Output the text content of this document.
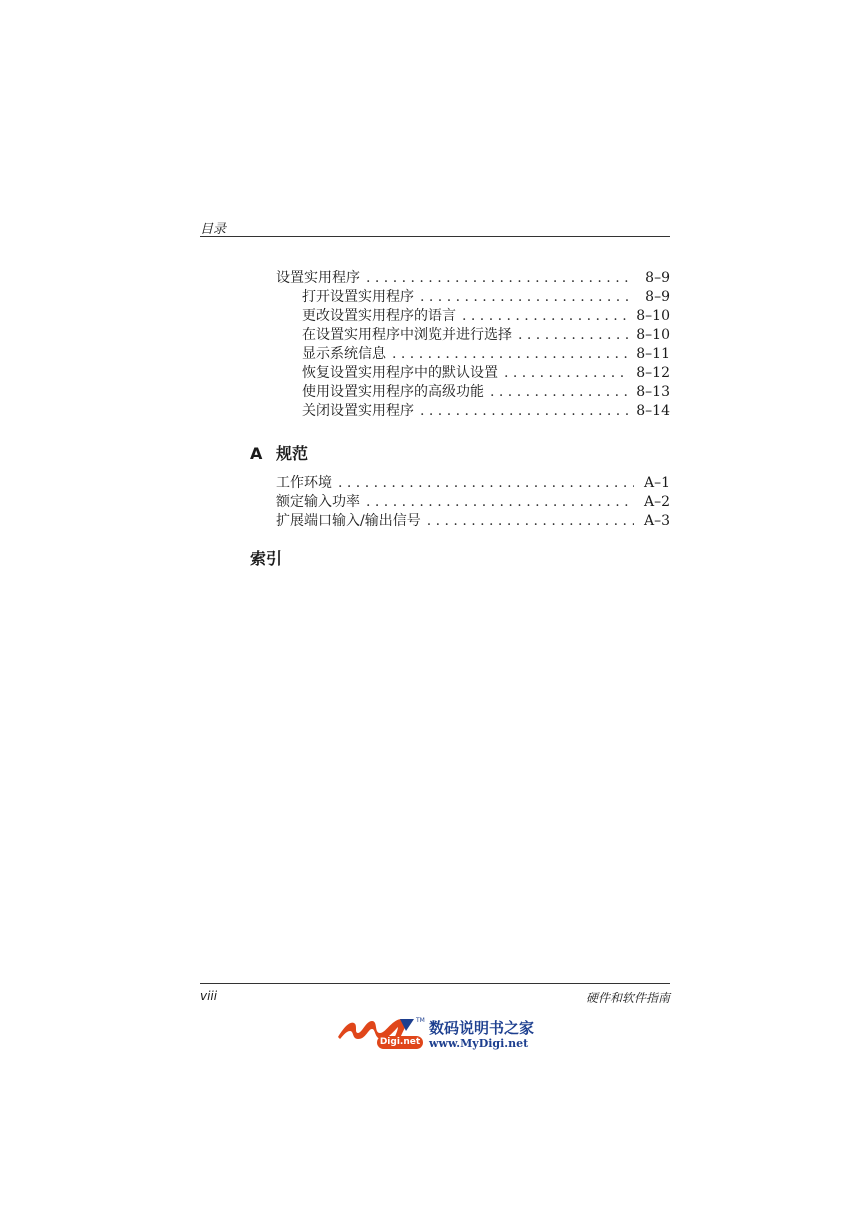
目录
设置实用程序 . . .	8–9
打开设置实用程序 . . .	8–9
更改设置实用程序的语言 . . .	8–10
在设置实用程序中浏览并进行选择 . . .	8–10
显示系统信息 . . .	8–11
恢复设置实用程序中的默认设置 . . .	8–12
使用设置实用程序的高级功能 . . .	8–13
关闭设置实用程序 . . .	8–14
A 规范
工作环境 . . .	A–1
额定输入功率 . . .	A–2
扩展端口输入/输出信号 . . .	A–3
索引
viii	硬件和软件指南
TM
Digi.net
数码说明书之家
www.MyDigi.net
